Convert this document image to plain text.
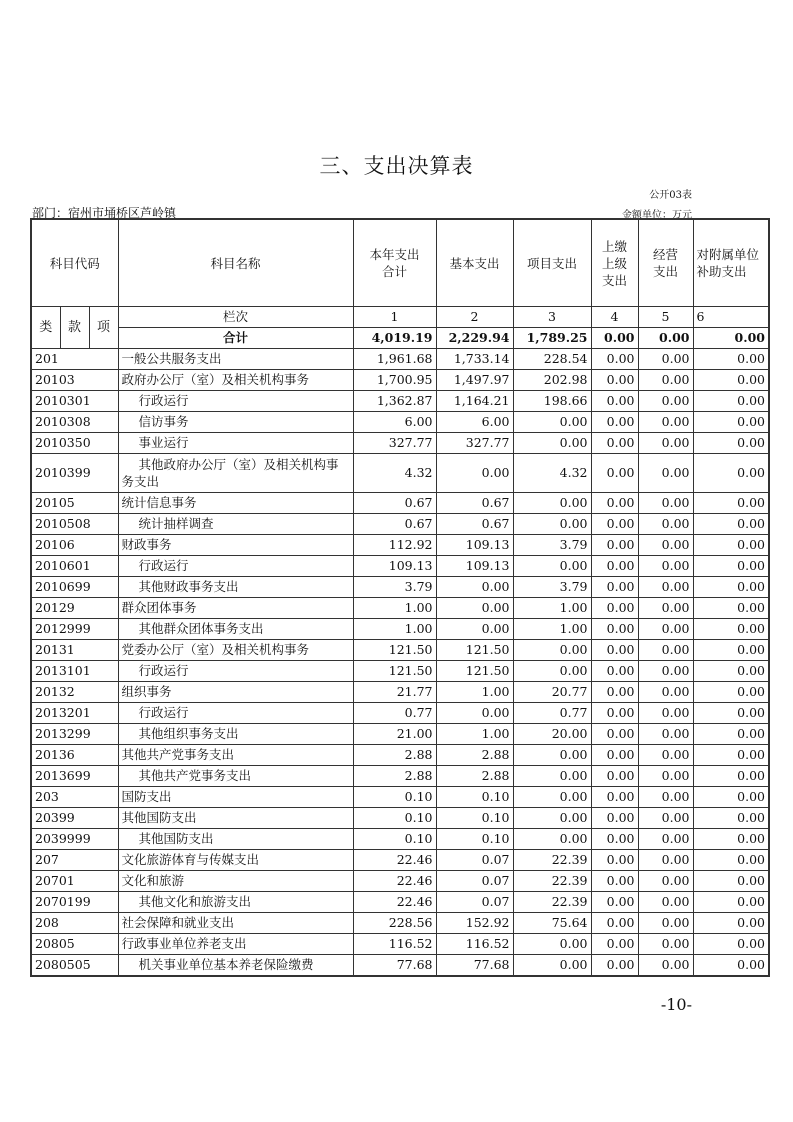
三、支出决算表
公开03表
部门：宿州市埇桥区芦岭镇	金额单位：万元
科目代码			科目名称	本年支出合计	基本支出	项目支出	上缴上级支出	经营支出	对附属单位补助支出
类	款	项	栏次	1	2	3	4	5	6
			合计	4,019.19	2,229.94	1,789.25	0.00	0.00	0.00
201			一般公共服务支出	1,961.68	1,733.14	228.54	0.00	0.00	0.00
20103			政府办公厅（室）及相关机构事务	1,700.95	1,497.97	202.98	0.00	0.00	0.00
2010301			行政运行	1,362.87	1,164.21	198.66	0.00	0.00	0.00
2010308			信访事务	6.00	6.00	0.00	0.00	0.00	0.00
2010350			事业运行	327.77	327.77	0.00	0.00	0.00	0.00
2010399			其他政府办公厅（室）及相关机构事务支出	4.32	0.00	4.32	0.00	0.00	0.00
20105			统计信息事务	0.67	0.67	0.00	0.00	0.00	0.00
2010508			统计抽样调查	0.67	0.67	0.00	0.00	0.00	0.00
20106			财政事务	112.92	109.13	3.79	0.00	0.00	0.00
2010601			行政运行	109.13	109.13	0.00	0.00	0.00	0.00
2010699			其他财政事务支出	3.79	0.00	3.79	0.00	0.00	0.00
20129			群众团体事务	1.00	0.00	1.00	0.00	0.00	0.00
2012999			其他群众团体事务支出	1.00	0.00	1.00	0.00	0.00	0.00
20131			党委办公厅（室）及相关机构事务	121.50	121.50	0.00	0.00	0.00	0.00
2013101			行政运行	121.50	121.50	0.00	0.00	0.00	0.00
20132			组织事务	21.77	1.00	20.77	0.00	0.00	0.00
2013201			行政运行	0.77	0.00	0.77	0.00	0.00	0.00
2013299			其他组织事务支出	21.00	1.00	20.00	0.00	0.00	0.00
20136			其他共产党事务支出	2.88	2.88	0.00	0.00	0.00	0.00
2013699			其他共产党事务支出	2.88	2.88	0.00	0.00	0.00	0.00
203			国防支出	0.10	0.10	0.00	0.00	0.00	0.00
20399			其他国防支出	0.10	0.10	0.00	0.00	0.00	0.00
2039999			其他国防支出	0.10	0.10	0.00	0.00	0.00	0.00
207			文化旅游体育与传媒支出	22.46	0.07	22.39	0.00	0.00	0.00
20701			文化和旅游	22.46	0.07	22.39	0.00	0.00	0.00
2070199			其他文化和旅游支出	22.46	0.07	22.39	0.00	0.00	0.00
208			社会保障和就业支出	228.56	152.92	75.64	0.00	0.00	0.00
20805			行政事业单位养老支出	116.52	116.52	0.00	0.00	0.00	0.00
2080505			机关事业单位基本养老保险缴费	77.68	77.68	0.00	0.00	0.00	0.00
-10-
